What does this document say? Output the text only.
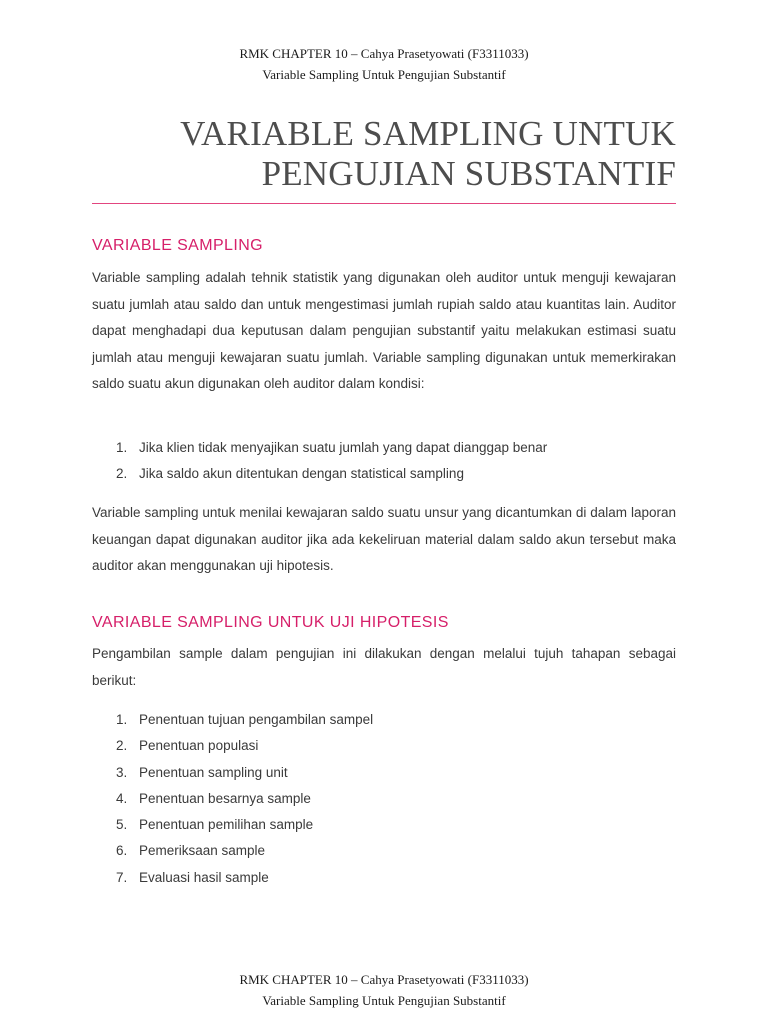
RMK CHAPTER 10 – Cahya Prasetyowati (F3311033)
Variable Sampling Untuk Pengujian Substantif
VARIABLE SAMPLING UNTUK
PENGUJIAN SUBSTANTIF
VARIABLE SAMPLING

Variable sampling adalah tehnik statistik yang digunakan oleh auditor untuk menguji kewajaran suatu jumlah atau saldo dan untuk mengestimasi jumlah rupiah saldo atau kuantitas lain. Auditor dapat menghadapi dua keputusan dalam pengujian substantif yaitu melakukan estimasi suatu jumlah atau menguji kewajaran suatu jumlah. Variable sampling digunakan untuk memerkirakan saldo suatu akun digunakan oleh auditor dalam kondisi:

1. Jika klien tidak menyajikan suatu jumlah yang dapat dianggap benar
2. Jika saldo akun ditentukan dengan statistical sampling

Variable sampling untuk menilai kewajaran saldo suatu unsur yang dicantumkan di dalam laporan keuangan dapat digunakan auditor jika ada kekeliruan material dalam saldo akun tersebut maka auditor akan menggunakan uji hipotesis.

VARIABLE SAMPLING UNTUK UJI HIPOTESIS

Pengambilan sample dalam pengujian ini dilakukan dengan melalui tujuh tahapan sebagai berikut:

1. Penentuan tujuan pengambilan sampel
2. Penentuan populasi
3. Penentuan sampling unit
4. Penentuan besarnya sample
5. Penentuan pemilihan sample
6. Pemeriksaan sample
7. Evaluasi hasil sample
RMK CHAPTER 10 – Cahya Prasetyowati (F3311033)
Variable Sampling Untuk Pengujian Substantif
